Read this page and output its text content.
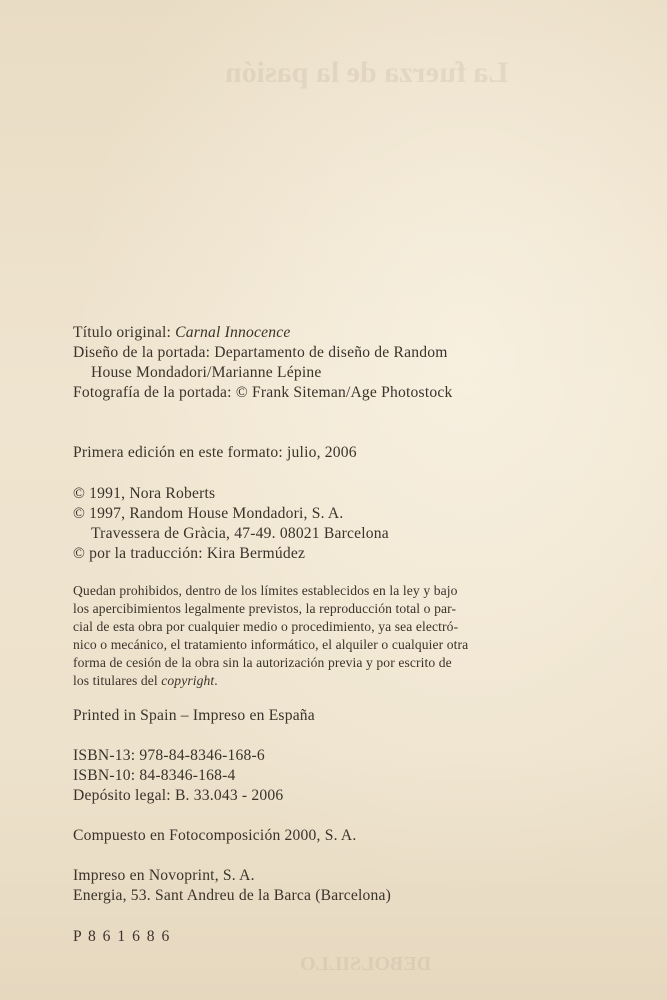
La fuerza de la pasión
DEBOLSILLO
Título original: Carnal Innocence
Diseño de la portada: Departamento de diseño de Random
House Mondadori/Marianne Lépine
Fotografía de la portada: © Frank Siteman/Age Photostock
Primera edición en este formato: julio, 2006
© 1991, Nora Roberts
© 1997, Random House Mondadori, S. A.
Travessera de Gràcia, 47-49. 08021 Barcelona
© por la traducción: Kira Bermúdez
Quedan prohibidos, dentro de los límites establecidos en la ley y bajo
los apercibimientos legalmente previstos, la reproducción total o par-
cial de esta obra por cualquier medio o procedimiento, ya sea electró-
nico o mecánico, el tratamiento informático, el alquiler o cualquier otra
forma de cesión de la obra sin la autorización previa y por escrito de
los titulares del copyright.
Printed in Spain – Impreso en España
ISBN-13: 978-84-8346-168-6
ISBN-10: 84-8346-168-4
Depósito legal: B. 33.043 - 2006
Compuesto en Fotocomposición 2000, S. A.
Impreso en Novoprint, S. A.
Energia, 53. Sant Andreu de la Barca (Barcelona)
P 8 6 1 6 8 6
